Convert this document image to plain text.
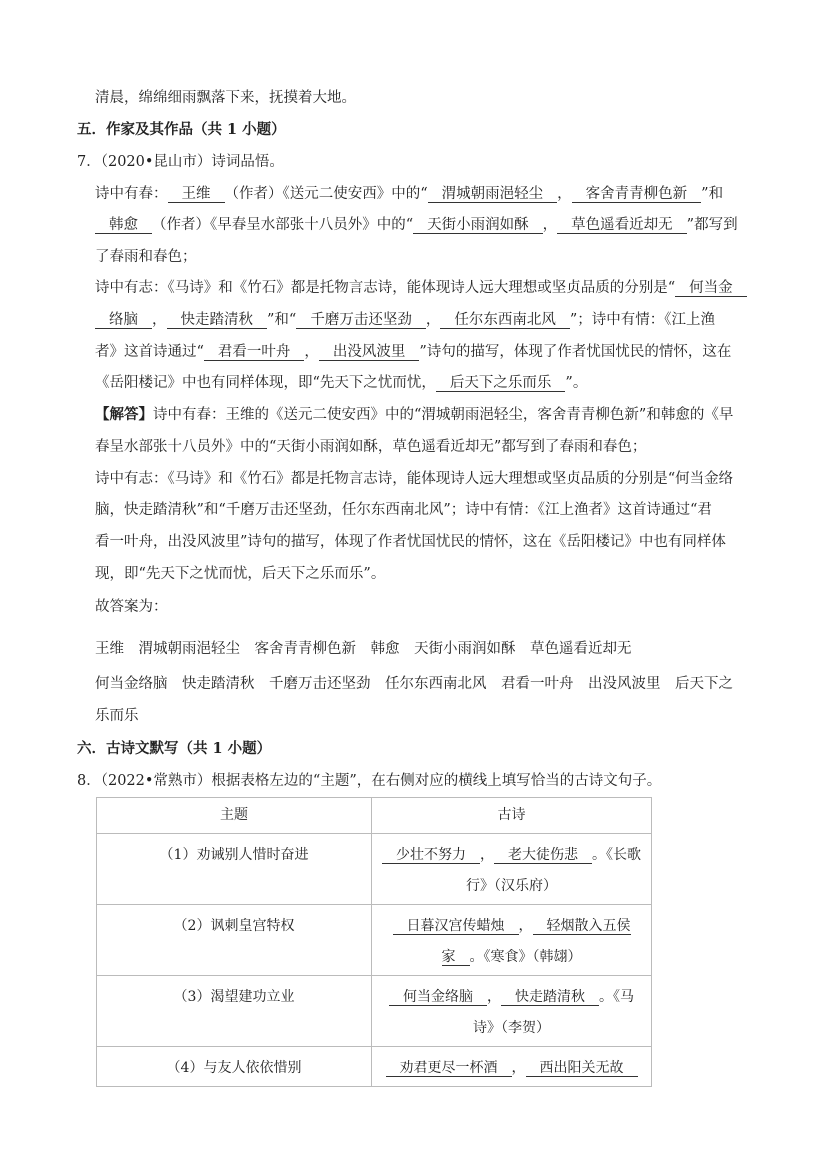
清晨，绵绵细雨飘落下来，抚摸着大地。
五．作家及其作品（共 1 小题）
7．（2020•昆山市）诗词品悟。
诗中有春： 王维 （作者）《送元二使安西》中的“ 渭城朝雨浥轻尘 ， 客舍青青柳色新 ”和
韩愈 （作者）《早春呈水部张十八员外》中的“ 天街小雨润如酥 ， 草色遥看近却无 ”都写到
了春雨和春色；
诗中有志：《马诗》和《竹石》都是托物言志诗，能体现诗人远大理想或坚贞品质的分别是“ 何当金
络脑 ， 快走踏清秋 ”和“ 千磨万击还坚劲 ， 任尔东西南北风 ”；诗中有情：《江上渔
者》这首诗通过“ 君看一叶舟 ， 出没风波里 ”诗句的描写，体现了作者忧国忧民的情怀，这在
《岳阳楼记》中也有同样体现，即“先天下之忧而忧， 后天下之乐而乐 ”。
【解答】诗中有春：王维的《送元二使安西》中的“渭城朝雨浥轻尘，客舍青青柳色新”和韩愈的《早
春呈水部张十八员外》中的“天街小雨润如酥，草色遥看近却无”都写到了春雨和春色；
诗中有志：《马诗》和《竹石》都是托物言志诗，能体现诗人远大理想或坚贞品质的分别是“何当金络
脑，快走踏清秋”和“千磨万击还坚劲，任尔东西南北风”；诗中有情：《江上渔者》这首诗通过“君
看一叶舟，出没风波里”诗句的描写，体现了作者忧国忧民的情怀，这在《岳阳楼记》中也有同样体
现，即“先天下之忧而忧，后天下之乐而乐”。
故答案为：
王维　渭城朝雨浥轻尘　客舍青青柳色新　韩愈　天街小雨润如酥　草色遥看近却无
何当金络脑　快走踏清秋　千磨万击还坚劲　任尔东西南北风　君看一叶舟　出没风波里　后天下之
乐而乐
六．古诗文默写（共 1 小题）
8．（2022•常熟市）根据表格左边的“主题”，在右侧对应的横线上填写恰当的古诗文句子。
主题	古诗
（1）劝诫别人惜时奋进	少壮不努力 ， 老大徒伤悲 。《长歌行》（汉乐府）
（2）讽刺皇宫特权	日暮汉宫传蜡烛 ， 轻烟散入五侯家 。《寒食》（韩翃）
（3）渴望建功立业	何当金络脑 ， 快走踏清秋 。《马诗》（李贺）
（4）与友人依依惜别	劝君更尽一杯酒 ， 西出阳关无故
